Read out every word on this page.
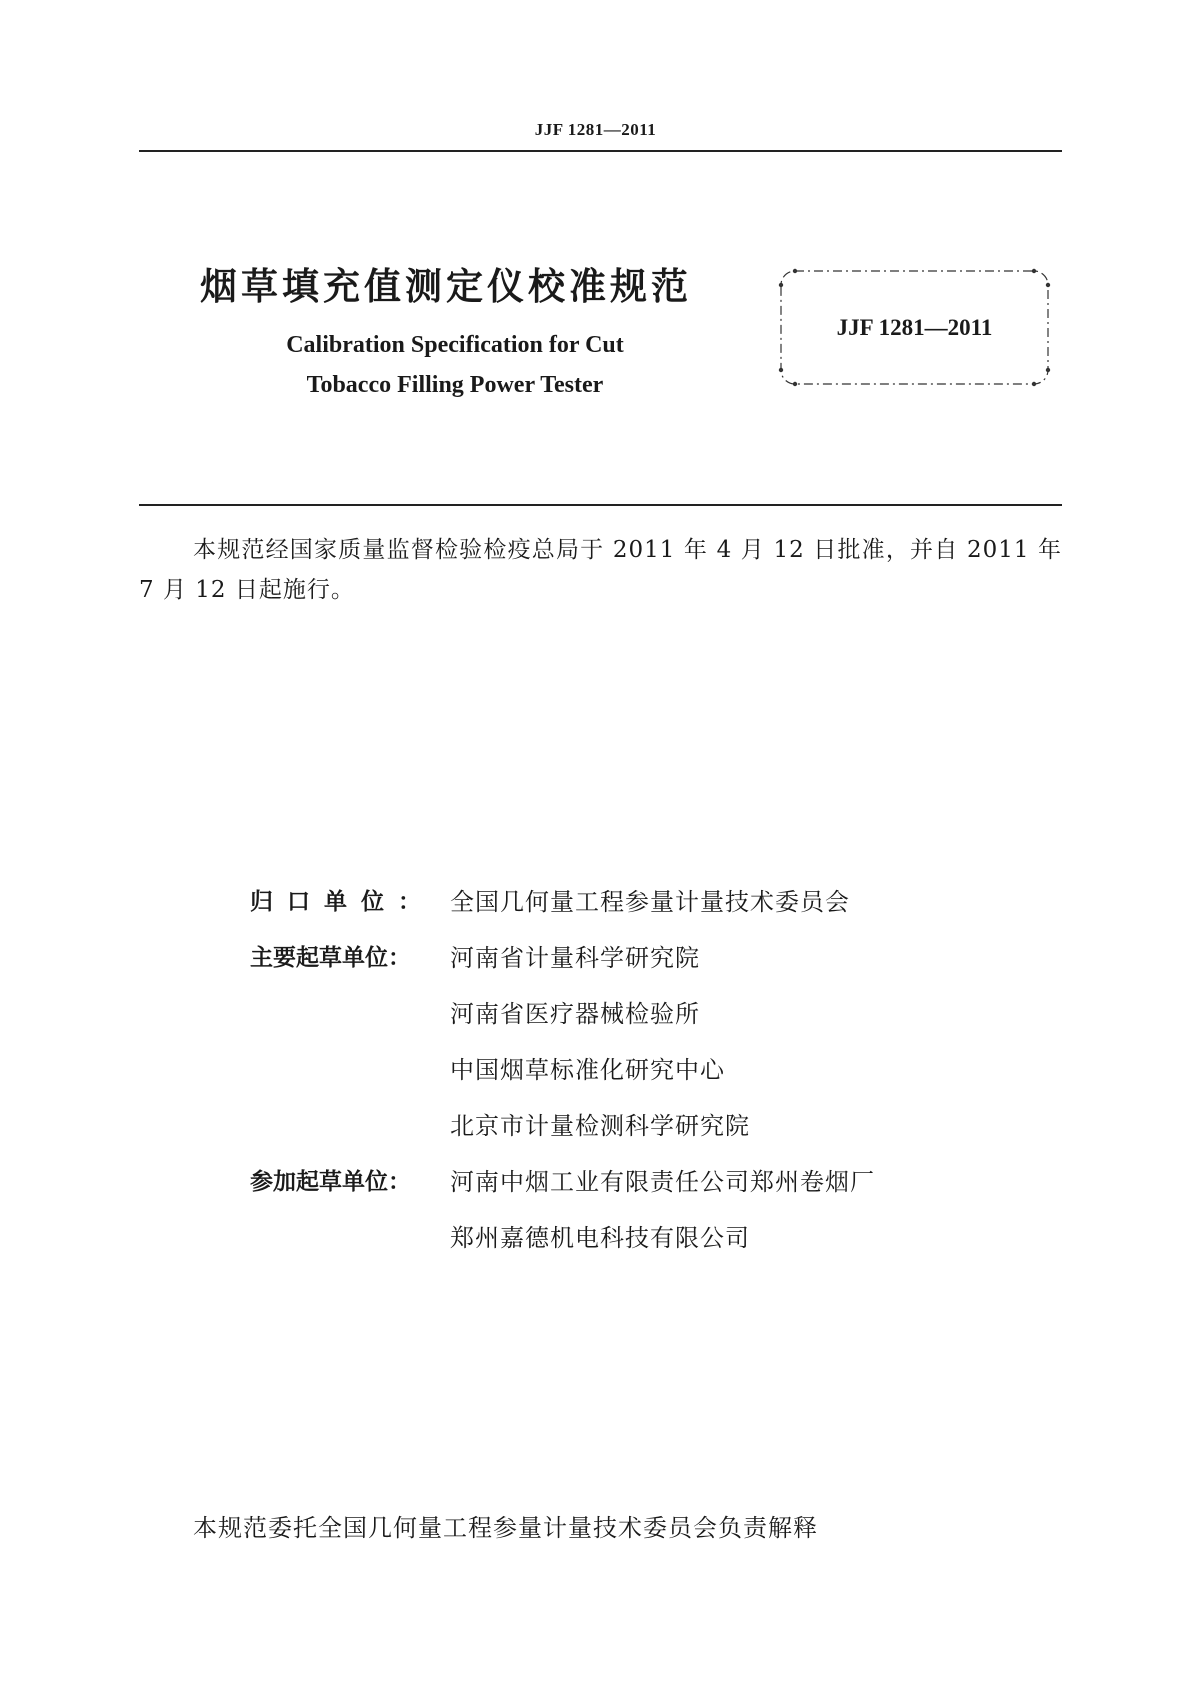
JJF 1281—2011
烟草填充值测定仪校准规范
Calibration Specification for Cut
Tobacco Filling Power Tester
JJF 1281—2011
本规范经国家质量监督检验检疫总局于 2011 年 4 月 12 日批准，并自 2011 年 7 月 12 日起施行。
归口单位： 全国几何量工程参量计量技术委员会
主要起草单位：	河南省计量科学研究院
河南省医疗器械检验所
中国烟草标准化研究中心
北京市计量检测科学研究院
参加起草单位：	河南中烟工业有限责任公司郑州卷烟厂
郑州嘉德机电科技有限公司
本规范委托全国几何量工程参量计量技术委员会负责解释
